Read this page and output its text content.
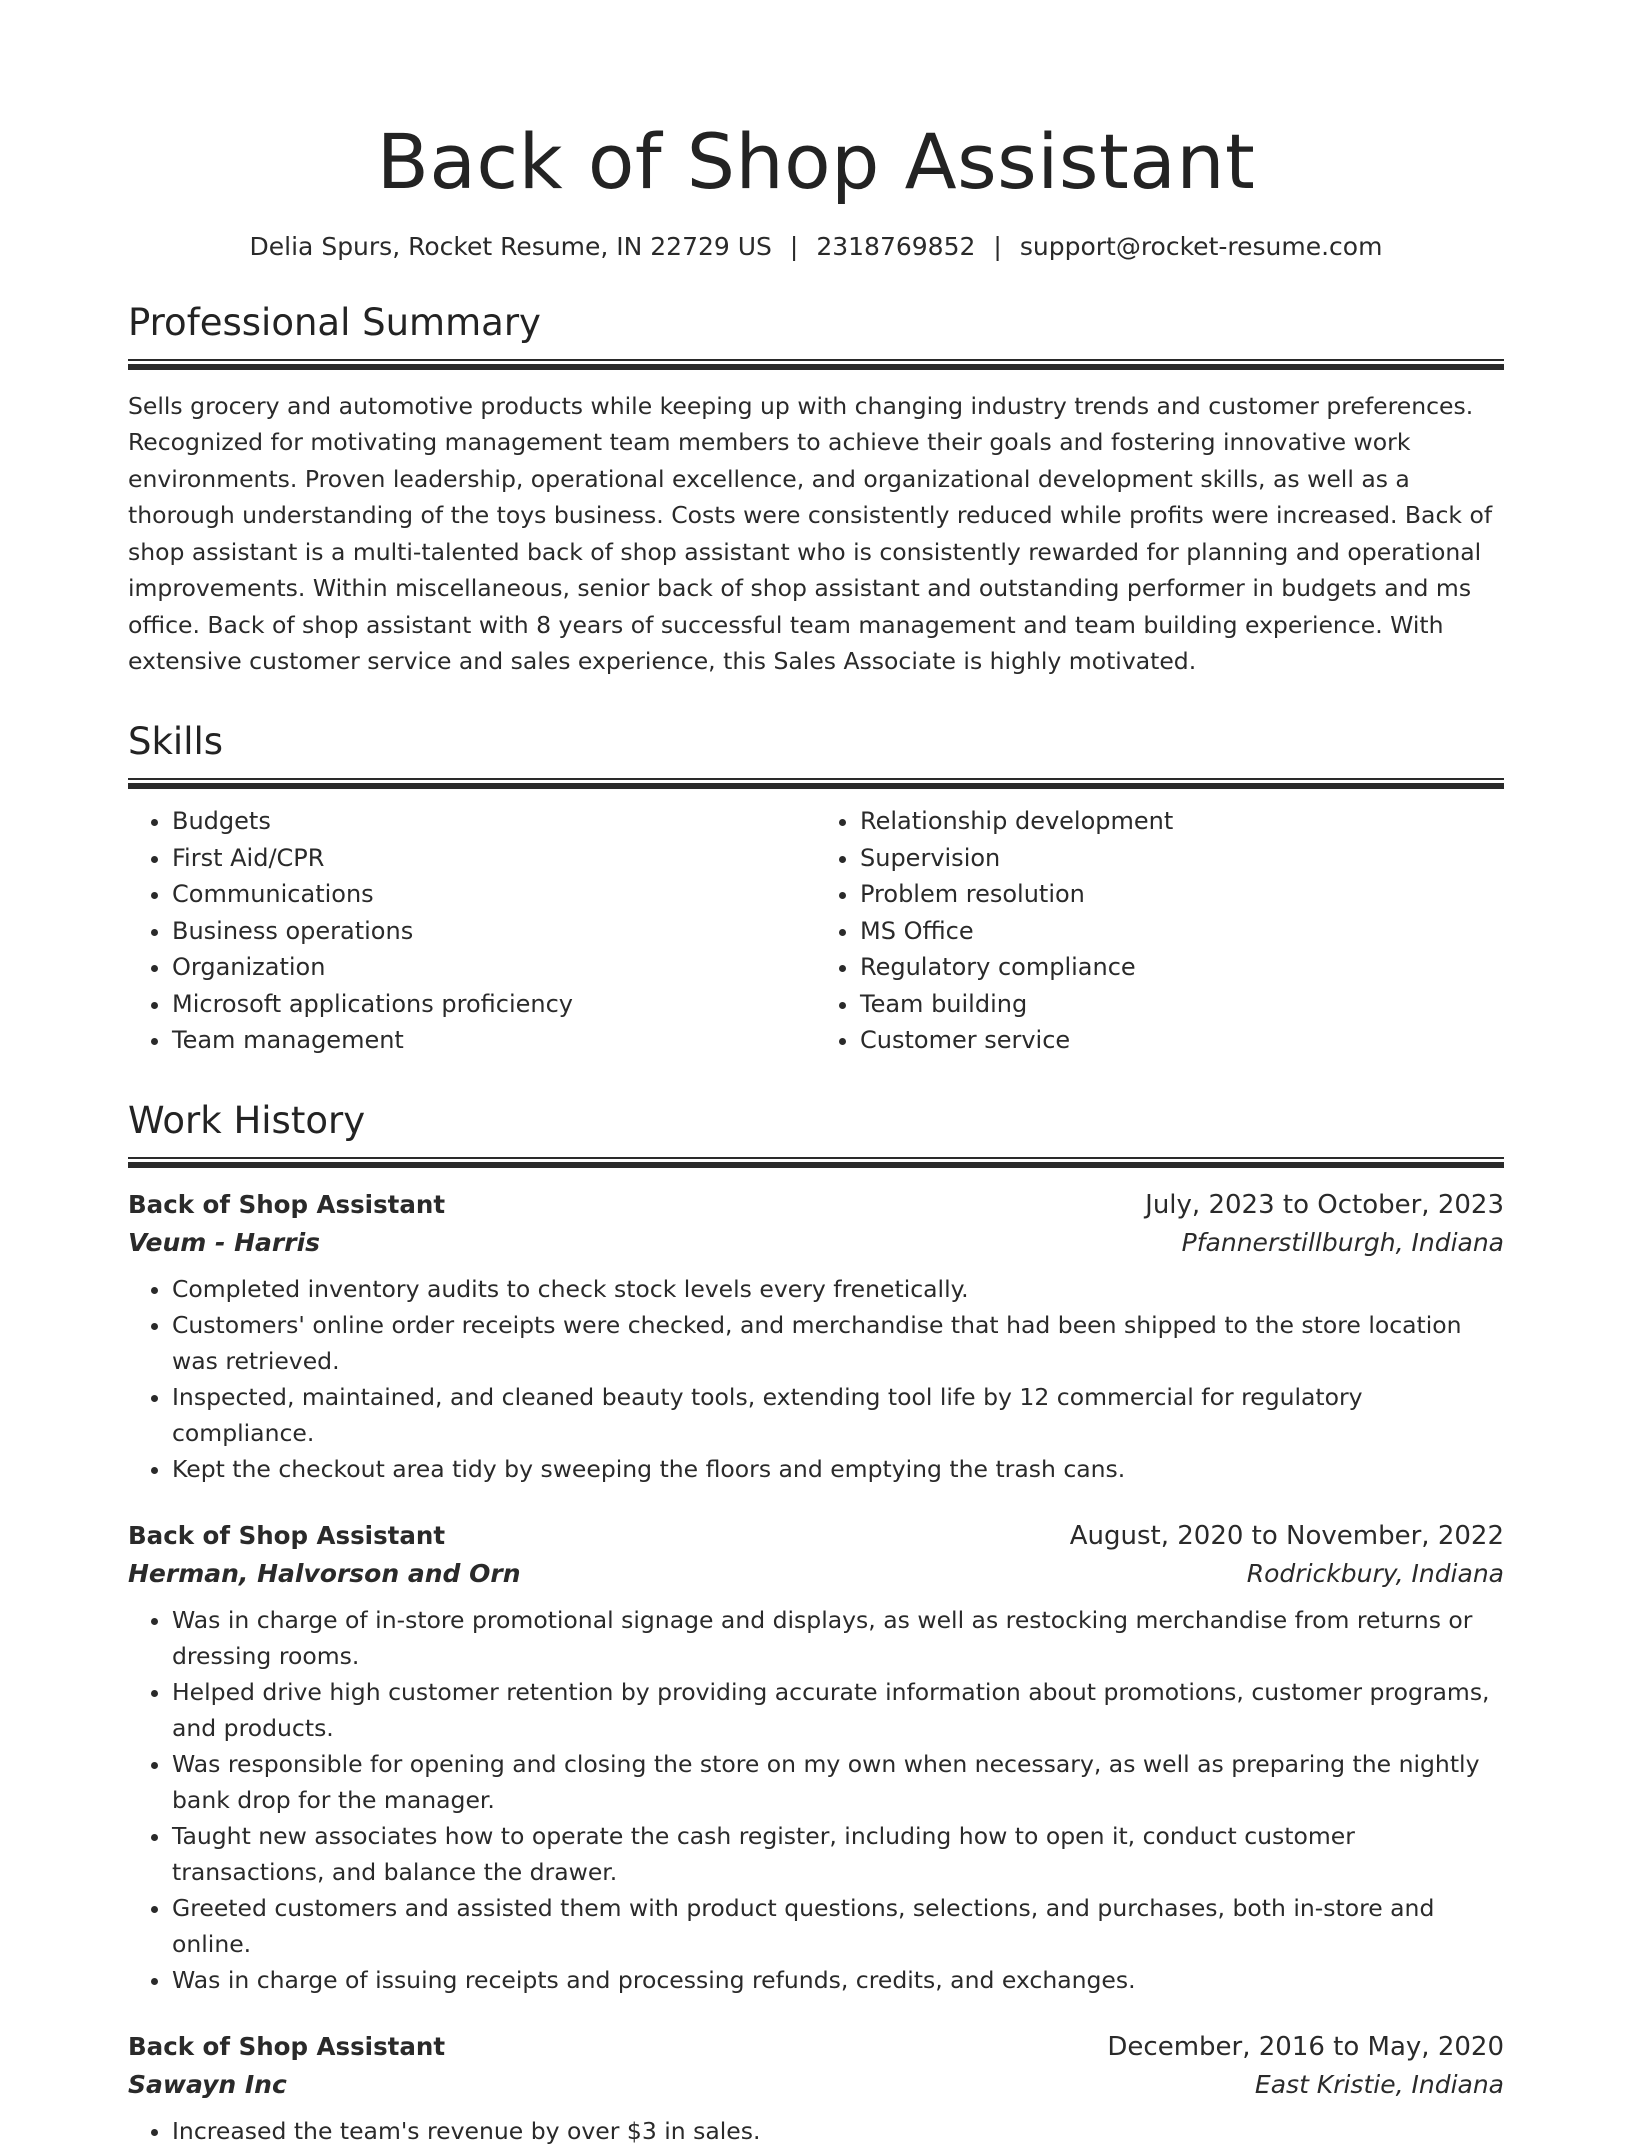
Back of Shop Assistant
Delia Spurs, Rocket Resume, IN 22729 US | 2318769852 | support@rocket-resume.com
Professional Summary

Sells grocery and automotive products while keeping up with changing industry trends and customer preferences. Recognized for motivating management team members to achieve their goals and fostering innovative work environments. Proven leadership, operational excellence, and organizational development skills, as well as a thorough understanding of the toys business. Costs were consistently reduced while profits were increased. Back of shop assistant is a multi-talented back of shop assistant who is consistently rewarded for planning and operational improvements. Within miscellaneous, senior back of shop assistant and outstanding performer in budgets and ms office. Back of shop assistant with 8 years of successful team management and team building experience. With extensive customer service and sales experience, this Sales Associate is highly motivated.

Skills
• Budgets
• First Aid/CPR
• Communications
• Business operations
• Organization
• Microsoft applications proficiency
• Team management
• Relationship development
• Supervision
• Problem resolution
• MS Office
• Regulatory compliance
• Team building
• Customer service
Work History
Back of Shop Assistant	July, 2023 to October, 2023
Veum - Harris	Pfannerstillburgh, Indiana
• Completed inventory audits to check stock levels every frenetically.
• Customers' online order receipts were checked, and merchandise that had been shipped to the store location was retrieved.
• Inspected, maintained, and cleaned beauty tools, extending tool life by 12 commercial for regulatory compliance.
• Kept the checkout area tidy by sweeping the floors and emptying the trash cans.
Back of Shop Assistant	August, 2020 to November, 2022
Herman, Halvorson and Orn	Rodrickbury, Indiana
• Was in charge of in-store promotional signage and displays, as well as restocking merchandise from returns or dressing rooms.
• Helped drive high customer retention by providing accurate information about promotions, customer programs, and products.
• Was responsible for opening and closing the store on my own when necessary, as well as preparing the nightly bank drop for the manager.
• Taught new associates how to operate the cash register, including how to open it, conduct customer transactions, and balance the drawer.
• Greeted customers and assisted them with product questions, selections, and purchases, both in-store and online.
• Was in charge of issuing receipts and processing refunds, credits, and exchanges.
Back of Shop Assistant	December, 2016 to May, 2020
Sawayn Inc	East Kristie, Indiana
• Increased the team's revenue by over $3 in sales.
